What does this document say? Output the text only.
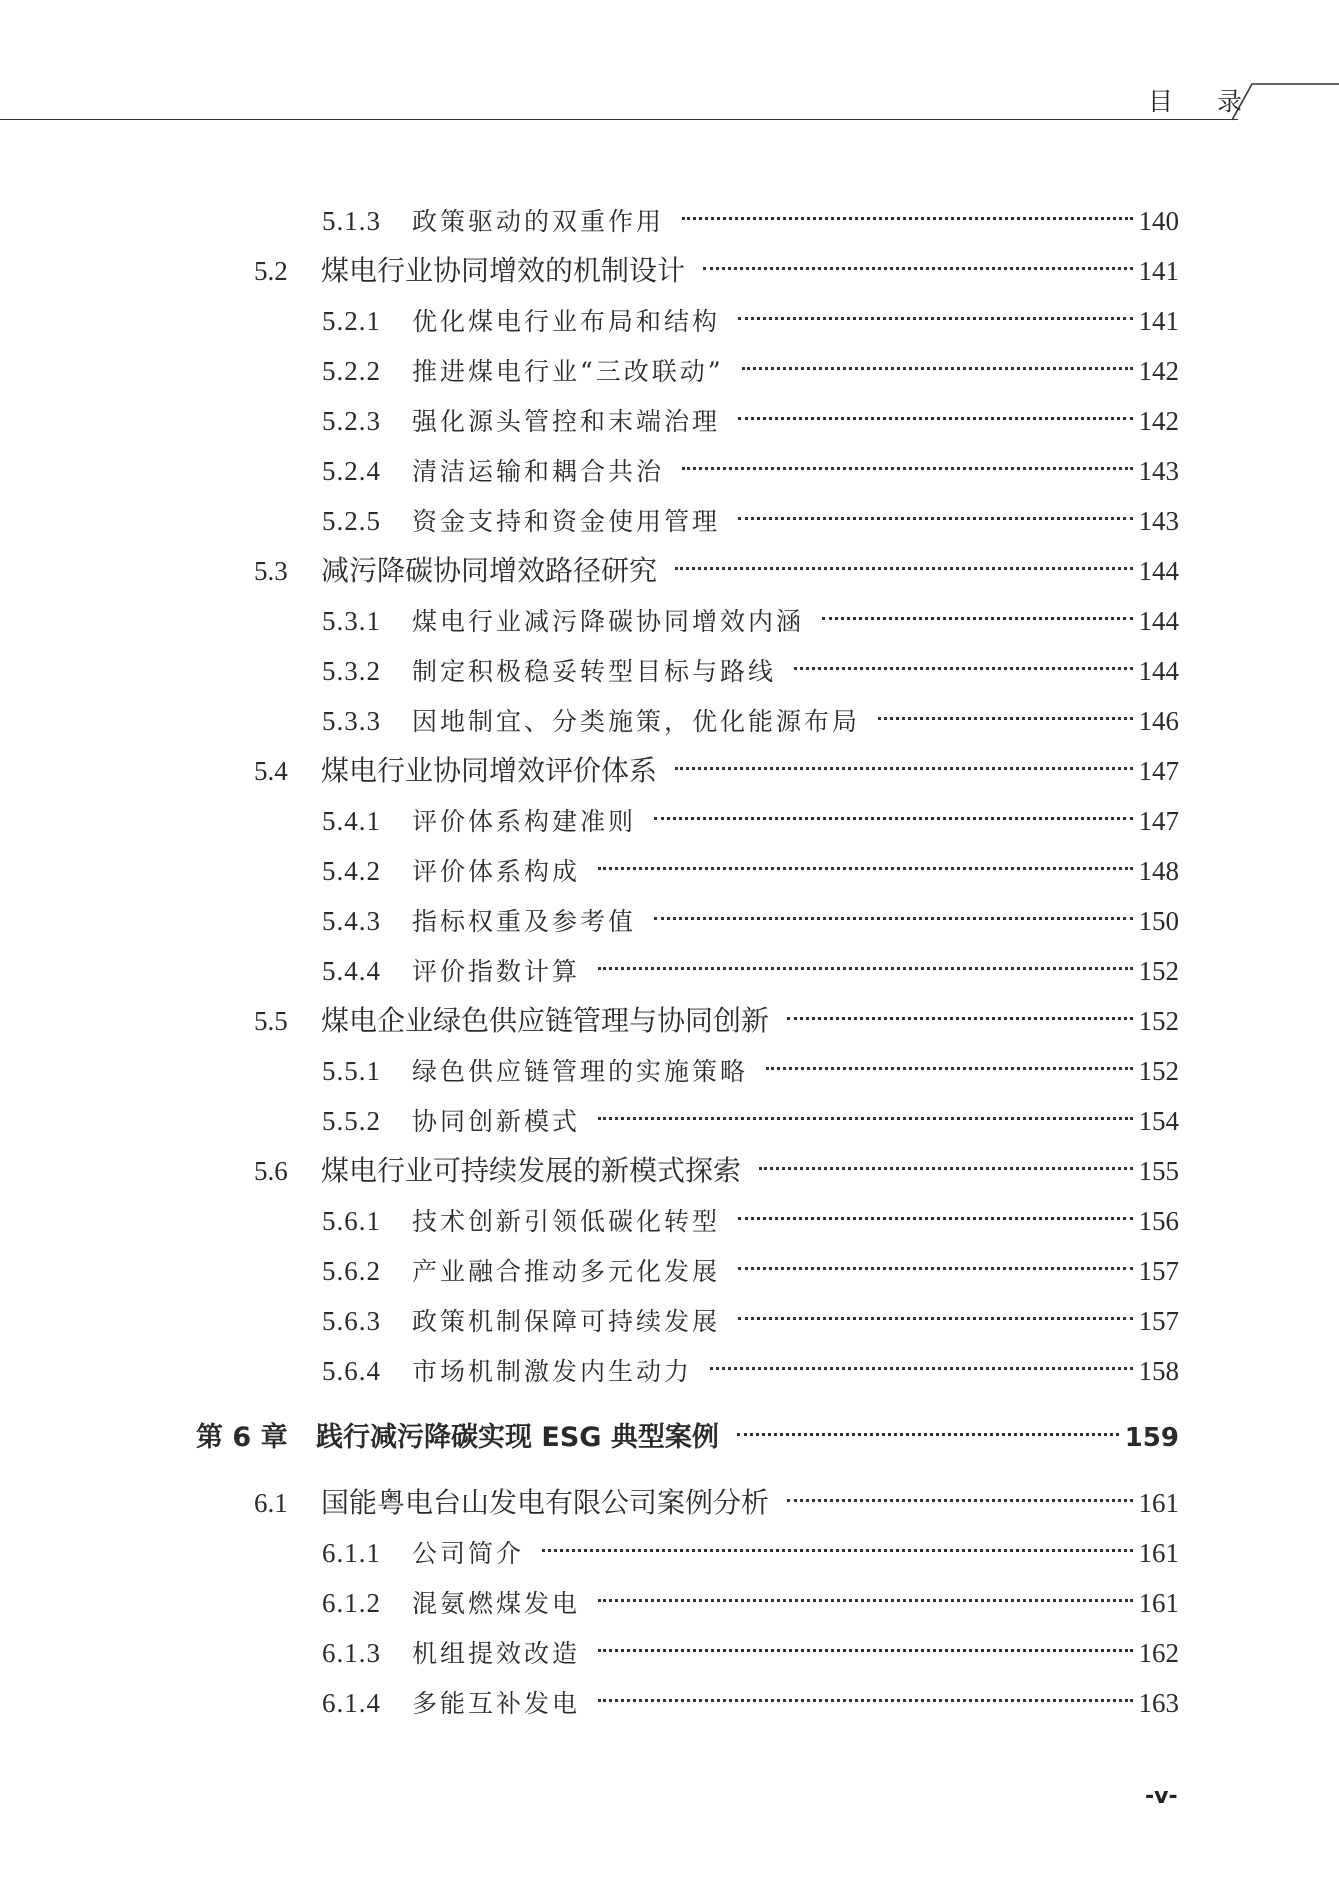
目 录
5.1.3	政策驱动的双重作用	140
5.2	煤电行业协同增效的机制设计	141
5.2.1	优化煤电行业布局和结构	141
5.2.2	推进煤电行业“三改联动”	142
5.2.3	强化源头管控和末端治理	142
5.2.4	清洁运输和耦合共治	143
5.2.5	资金支持和资金使用管理	143
5.3	减污降碳协同增效路径研究	144
5.3.1	煤电行业减污降碳协同增效内涵	144
5.3.2	制定积极稳妥转型目标与路线	144
5.3.3	因地制宜、分类施策，优化能源布局	146
5.4	煤电行业协同增效评价体系	147
5.4.1	评价体系构建准则	147
5.4.2	评价体系构成	148
5.4.3	指标权重及参考值	150
5.4.4	评价指数计算	152
5.5	煤电企业绿色供应链管理与协同创新	152
5.5.1	绿色供应链管理的实施策略	152
5.5.2	协同创新模式	154
5.6	煤电行业可持续发展的新模式探索	155
5.6.1	技术创新引领低碳化转型	156
5.6.2	产业融合推动多元化发展	157
5.6.3	政策机制保障可持续发展	157
5.6.4	市场机制激发内生动力	158
第 6 章	践行减污降碳实现 ESG 典型案例	159
6.1	国能粤电台山发电有限公司案例分析	161
6.1.1	公司简介	161
6.1.2	混氨燃煤发电	161
6.1.3	机组提效改造	162
6.1.4	多能互补发电	163
-v-
